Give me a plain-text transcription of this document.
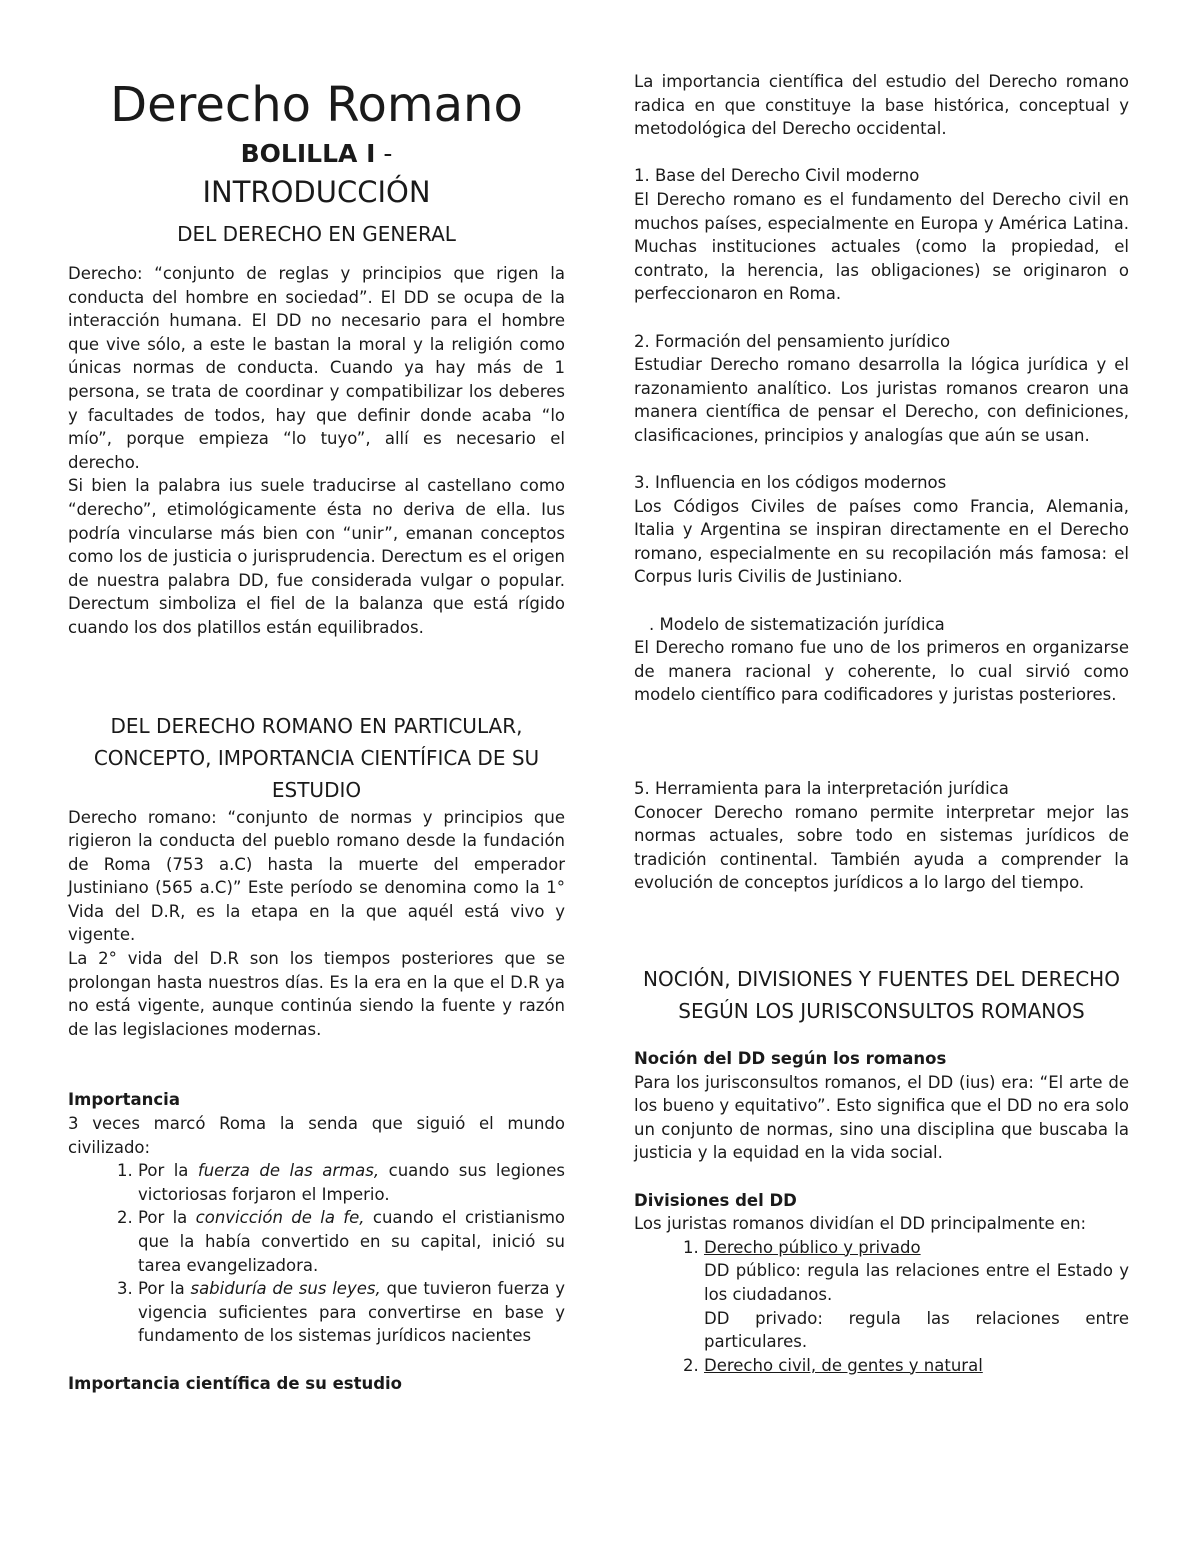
Derecho Romano
BOLILLA I -
INTRODUCCIÓN
DEL DERECHO EN GENERAL

Derecho: “conjunto de reglas y principios que rigen la conducta del hombre en sociedad”. El DD se ocupa de la interacción humana. El DD no necesario para el hombre que vive sólo, a este le bastan la moral y la religión como únicas normas de conducta. Cuando ya hay más de 1 persona, se trata de coordinar y compatibilizar los deberes y facultades de todos, hay que definir donde acaba “lo mío”, porque empieza “lo tuyo”, allí es necesario el derecho.

Si bien la palabra ius suele traducirse al castellano como “derecho”, etimológicamente ésta no deriva de ella. Ius podría vincularse más bien con “unir”, emanan conceptos como los de justicia o jurisprudencia. Derectum es el origen de nuestra palabra DD, fue considerada vulgar o popular. Derectum simboliza el fiel de la balanza que está rígido cuando los dos platillos están equilibrados.

DEL DERECHO ROMANO EN PARTICULAR, CONCEPTO, IMPORTANCIA CIENTÍFICA DE SU ESTUDIO

Derecho romano: “conjunto de normas y principios que rigieron la conducta del pueblo romano desde la fundación de Roma (753 a.C) hasta la muerte del emperador Justiniano (565 a.C)” Este período se denomina como la 1° Vida del D.R, es la etapa en la que aquél está vivo y vigente.

La 2° vida del D.R son los tiempos posteriores que se prolongan hasta nuestros días. Es la era en la que el D.R ya no está vigente, aunque continúa siendo la fuente y razón de las legislaciones modernas.

Importancia

3 veces marcó Roma la senda que siguió el mundo civilizado:

1. Por la fuerza de las armas, cuando sus legiones victoriosas forjaron el Imperio.
2. Por la convicción de la fe, cuando el cristianismo que la había convertido en su capital, inició su tarea evangelizadora.
3. Por la sabiduría de sus leyes, que tuvieron fuerza y vigencia suficientes para convertirse en base y fundamento de los sistemas jurídicos nacientes

Importancia científica de su estudio

La importancia científica del estudio del Derecho romano radica en que constituye la base histórica, conceptual y metodológica del Derecho occidental.

1. Base del Derecho Civil moderno

El Derecho romano es el fundamento del Derecho civil en muchos países, especialmente en Europa y América Latina. Muchas instituciones actuales (como la propiedad, el contrato, la herencia, las obligaciones) se originaron o perfeccionaron en Roma.

2. Formación del pensamiento jurídico

Estudiar Derecho romano desarrolla la lógica jurídica y el razonamiento analítico. Los juristas romanos crearon una manera científica de pensar el Derecho, con definiciones, clasificaciones, principios y analogías que aún se usan.

3. Influencia en los códigos modernos

Los Códigos Civiles de países como Francia, Alemania, Italia y Argentina se inspiran directamente en el Derecho romano, especialmente en su recopilación más famosa: el Corpus Iuris Civilis de Justiniano.

. Modelo de sistematización jurídica

El Derecho romano fue uno de los primeros en organizarse de manera racional y coherente, lo cual sirvió como modelo científico para codificadores y juristas posteriores.

5. Herramienta para la interpretación jurídica

Conocer Derecho romano permite interpretar mejor las normas actuales, sobre todo en sistemas jurídicos de tradición continental. También ayuda a comprender la evolución de conceptos jurídicos a lo largo del tiempo.

NOCIÓN, DIVISIONES Y FUENTES DEL DERECHO SEGÚN LOS JURISCONSULTOS ROMANOS

Noción del DD según los romanos

Para los jurisconsultos romanos, el DD (ius) era: “El arte de los bueno y equitativo”. Esto significa que el DD no era solo un conjunto de normas, sino una disciplina que buscaba la justicia y la equidad en la vida social.

Divisiones del DD

Los juristas romanos dividían el DD principalmente en:

1. Derecho público y privado

DD público: regula las relaciones entre el Estado y los ciudadanos.

DD privado: regula las relaciones entre particulares.

2. Derecho civil, de gentes y natural
